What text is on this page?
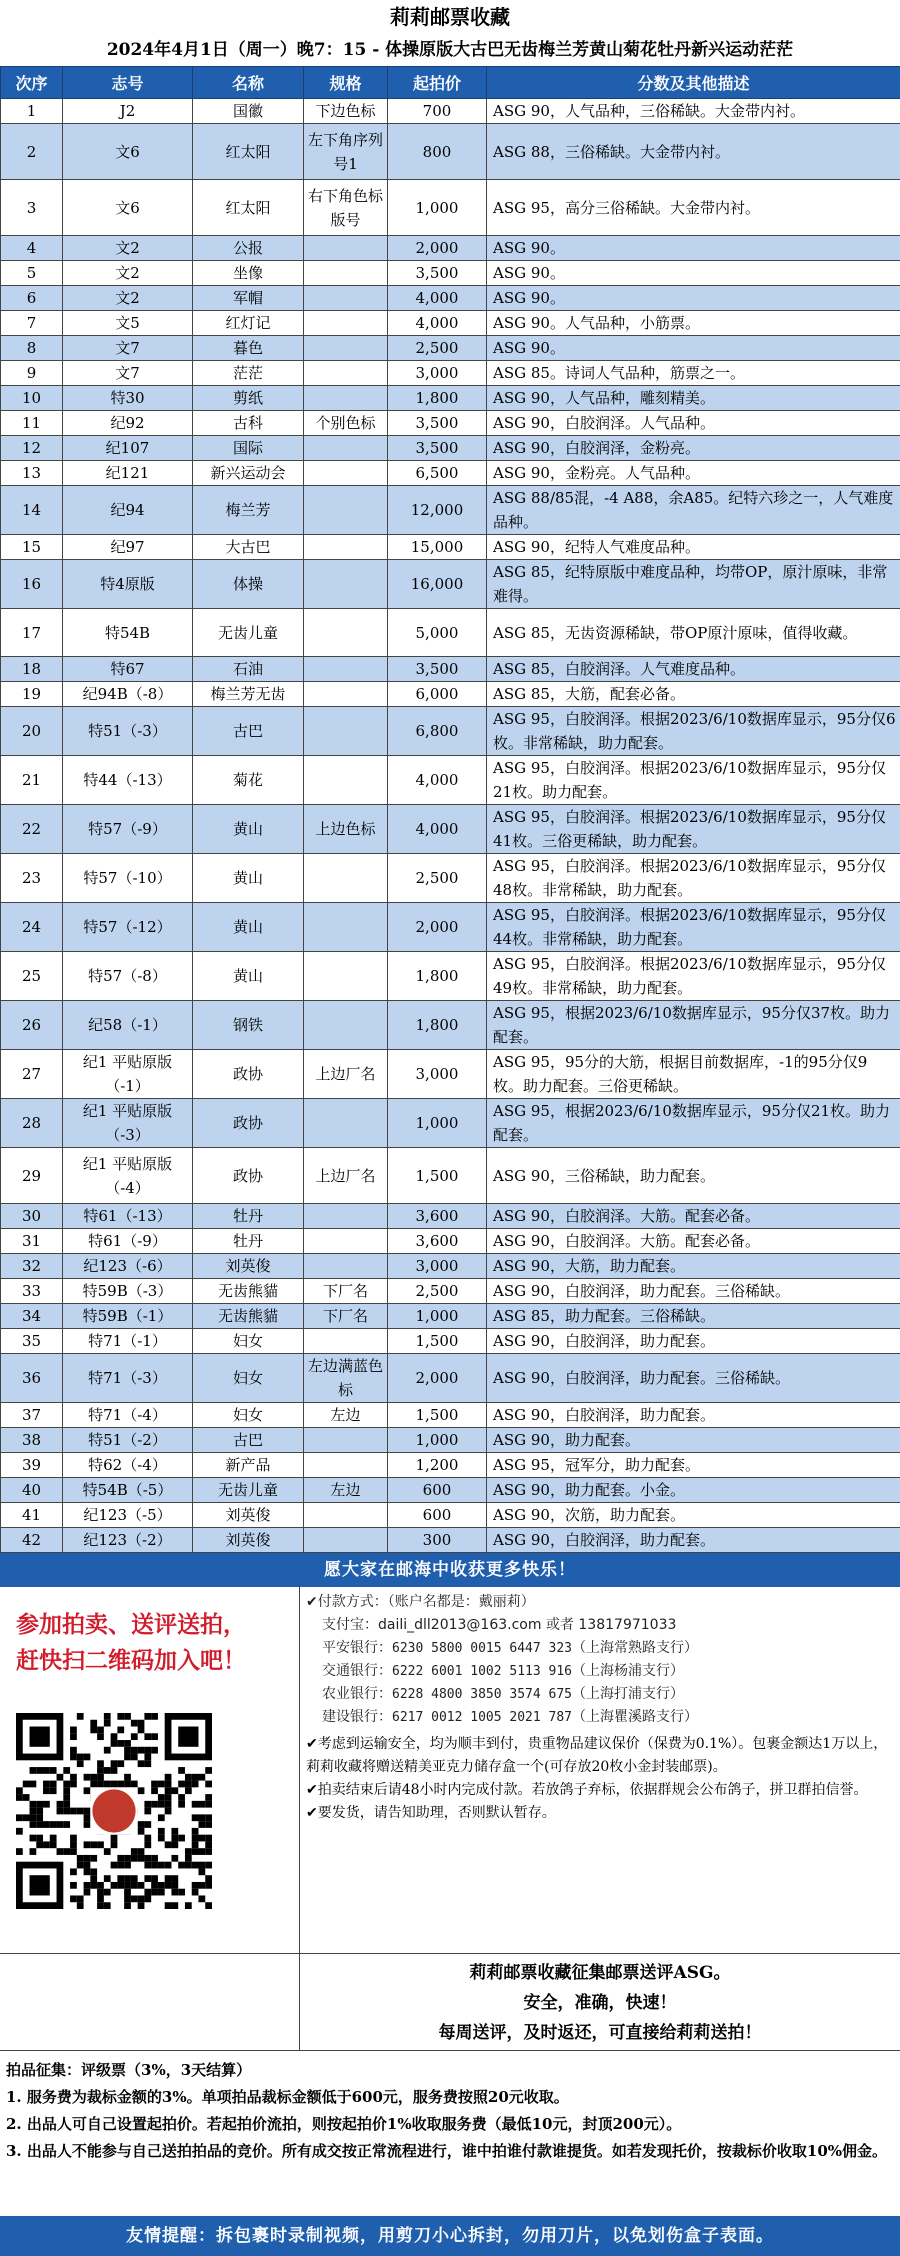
莉莉邮票收藏
2024年4月1日（周一）晚7：15 - 体操原版大古巴无齿梅兰芳黄山菊花牡丹新兴运动茫茫
次序	志号	名称	规格	起拍价	分数及其他描述
1	J2	国徽	下边色标	700	ASG 90，人气品种，三俗稀缺。大金带内衬。
2	文6	红太阳	左下角序列号1	800	ASG 88，三俗稀缺。大金带内衬。
3	文6	红太阳	右下角色标版号	1,000	ASG 95，高分三俗稀缺。大金带内衬。
4	文2	公报		2,000	ASG 90。
5	文2	坐像		3,500	ASG 90。
6	文2	军帽		4,000	ASG 90。
7	文5	红灯记		4,000	ASG 90。人气品种，小筋票。
8	文7	暮色		2,500	ASG 90。
9	文7	茫茫		3,000	ASG 85。诗词人气品种，筋票之一。
10	特30	剪纸		1,800	ASG 90，人气品种，雕刻精美。
11	纪92	古科	个别色标	3,500	ASG 90，白胶润泽。人气品种。
12	纪107	国际		3,500	ASG 90，白胶润泽，金粉亮。
13	纪121	新兴运动会		6,500	ASG 90，金粉亮。人气品种。
14	纪94	梅兰芳		12,000	ASG 88/85混，-4 A88，余A85。纪特六珍之一，人气难度品种。
15	纪97	大古巴		15,000	ASG 90，纪特人气难度品种。
16	特4原版	体操		16,000	ASG 85，纪特原版中难度品种，均带OP，原汁原味，非常难得。
17	特54B	无齿儿童		5,000	ASG 85，无齿资源稀缺，带OP原汁原味，值得收藏。
18	特67	石油		3,500	ASG 85，白胶润泽。人气难度品种。
19	纪94B（-8）	梅兰芳无齿		6,000	ASG 85，大筋，配套必备。
20	特51（-3）	古巴		6,800	ASG 95，白胶润泽。根据2023/6/10数据库显示，95分仅6枚。非常稀缺，助力配套。
21	特44（-13）	菊花		4,000	ASG 95，白胶润泽。根据2023/6/10数据库显示，95分仅21枚。助力配套。
22	特57（-9）	黄山	上边色标	4,000	ASG 95，白胶润泽。根据2023/6/10数据库显示，95分仅41枚。三俗更稀缺，助力配套。
23	特57（-10）	黄山		2,500	ASG 95，白胶润泽。根据2023/6/10数据库显示，95分仅48枚。非常稀缺，助力配套。
24	特57（-12）	黄山		2,000	ASG 95，白胶润泽。根据2023/6/10数据库显示，95分仅44枚。非常稀缺，助力配套。
25	特57（-8）	黄山		1,800	ASG 95，白胶润泽。根据2023/6/10数据库显示，95分仅49枚。非常稀缺，助力配套。
26	纪58（-1）	钢铁		1,800	ASG 95，根据2023/6/10数据库显示，95分仅37枚。助力配套。
27	纪1 平贴原版（-1）	政协	上边厂名	3,000	ASG 95，95分的大筋，根据目前数据库，-1的95分仅9枚。助力配套。三俗更稀缺。
28	纪1 平贴原版（-3）	政协		1,000	ASG 95，根据2023/6/10数据库显示，95分仅21枚。助力配套。
29	纪1 平贴原版（-4）	政协	上边厂名	1,500	ASG 90，三俗稀缺，助力配套。
30	特61（-13）	牡丹		3,600	ASG 90，白胶润泽。大筋。配套必备。
31	特61（-9）	牡丹		3,600	ASG 90，白胶润泽。大筋。配套必备。
32	纪123（-6）	刘英俊		3,000	ASG 90，大筋，助力配套。
33	特59B（-3）	无齿熊貓	下厂名	2,500	ASG 90，白胶润泽，助力配套。三俗稀缺。
34	特59B（-1）	无齿熊貓	下厂名	1,000	ASG 85，助力配套。三俗稀缺。
35	特71（-1）	妇女		1,500	ASG 90，白胶润泽，助力配套。
36	特71（-3）	妇女	左边满蓝色标	2,000	ASG 90，白胶润泽，助力配套。三俗稀缺。
37	特71（-4）	妇女	左边	1,500	ASG 90，白胶润泽，助力配套。
38	特51（-2）	古巴		1,000	ASG 90，助力配套。
39	特62（-4）	新产品		1,200	ASG 95，冠军分，助力配套。
40	特54B（-5）	无齿儿童	左边	600	ASG 90，助力配套。小金。
41	纪123（-5）	刘英俊		600	ASG 90，次筋，助力配套。
42	纪123（-2）	刘英俊		300	ASG 90，白胶润泽，助力配套。
愿大家在邮海中收获更多快乐！
参加拍卖、送评送拍，
赶快扫二维码加入吧！
✔付款方式：（账户名都是：戴丽莉）
支付宝：daili_dll2013@163.com 或者 13817971033
平安银行：6230 5800 0015 6447 323（上海常熟路支行）
交通银行：6222 6001 1002 5113 916（上海杨浦支行）
农业银行：6228 4800 3850 3574 675（上海打浦支行）
建设银行：6217 0012 1005 2021 787（上海瞿溪路支行）

✔考虑到运输安全，均为顺丰到付，贵重物品建议保价（保费为0.1%）。包裹金额达1万以上，莉莉收藏将赠送精美亚克力储存盒一个(可存放20枚小金封装邮票)。

✔拍卖结束后请48小时内完成付款。若放鸽子弃标，依据群规会公布鸽子，拼卫群拍信誉。

✔要发货，请告知助理，否则默认暂存。

莉莉邮票收藏征集邮票送评ASG。
安全，准确，快速！
每周送评，及时返还，可直接给莉莉送拍！

拍品征集：评级票（3%，3天结算）

1. 服务费为裁标金额的3%。单项拍品裁标金额低于600元，服务费按照20元收取。

2. 出品人可自己设置起拍价。若起拍价流拍，则按起拍价1%收取服务费（最低10元，封顶200元）。

3. 出品人不能参与自己送拍拍品的竞价。所有成交按正常流程进行，谁中拍谁付款谁提货。如若发现托价，按裁标价收取10%佣金。

友情提醒：拆包裹时录制视频，用剪刀小心拆封，勿用刀片，以免划伤盒子表面。
